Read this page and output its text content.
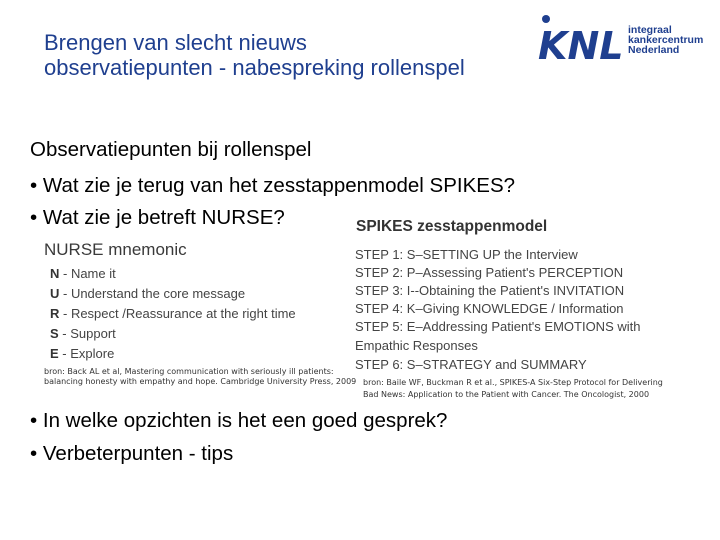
Brengen van slecht nieuws
observatiepunten - nabespreking rollenspel KNL integraal
kankercentrum
Nederland
Observatiepunten bij rollenspel
• Wat zie je terug van het zesstappenmodel SPIKES?
• Wat zie je betreft NURSE?
NURSE mnemonic
N - Name it
U - Understand the core message
R - Respect /Reassurance at the right time
S - Support
E - Explore
SPIKES zesstappenmodel
STEP 1: S–SETTING UP the Interview
STEP 2: P–Assessing Patient's PERCEPTION
STEP 3: I--Obtaining the Patient's INVITATION
STEP 4: K–Giving KNOWLEDGE / Information
STEP 5: E–Addressing Patient's EMOTIONS with
Empathic Responses
STEP 6: S–STRATEGY and SUMMARY
bron: Back AL et al, Mastering communication with seriously ill patients:
balancing honesty with empathy and hope. Cambridge University Press, 2009 bron: Baile WF, Buckman R et al., SPIKES-A Six-Step Protocol for Delivering
Bad News: Application to the Patient with Cancer. The Oncologist, 2000
• In welke opzichten is het een goed gesprek?
• Verbeterpunten - tips
